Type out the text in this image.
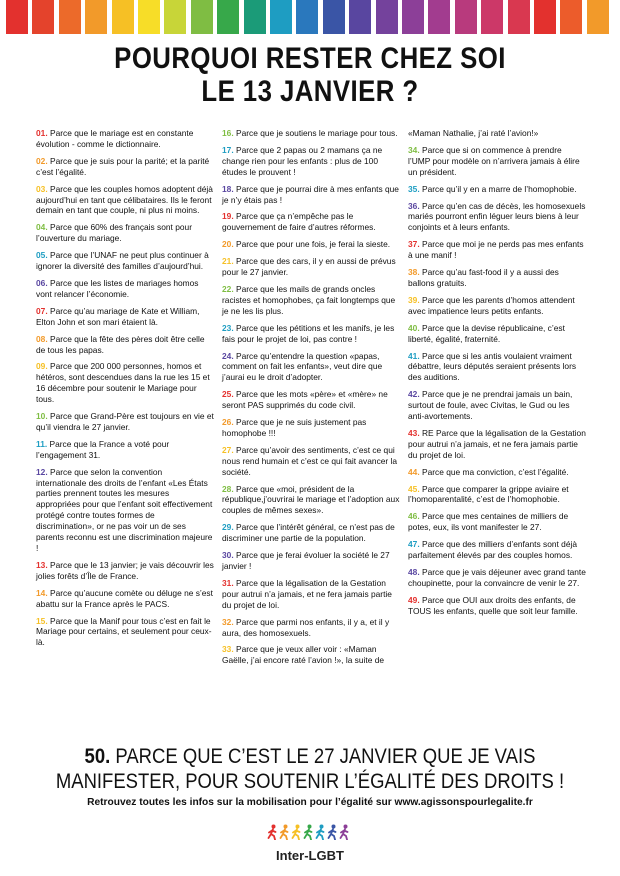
POURQUOI RESTER CHEZ SOI
LE 13 JANVIER ?
01. Parce que le mariage est en constante évolution - comme le dictionnaire.
02. Parce que je suis pour la parité; et la parité c’est l’égalité.
03. Parce que les couples homos adoptent déjà aujourd’hui en tant que célibataires. Ils le feront demain en tant que couple, ni plus ni moins.
04. Parce que 60% des français sont pour l’ouverture du mariage.
05. Parce que l’UNAF ne peut plus continuer à ignorer la diversité des familles d’aujourd’hui.
06. Parce que les listes de mariages homos vont relancer l’économie.
07. Parce qu’au mariage de Kate et William, Elton John et son mari étaient là.
08. Parce que la fête des pères doit être celle de tous les papas.
09. Parce que 200 000 personnes, homos et hétéros, sont descendues dans la rue les 15 et 16 décembre pour soutenir le Mariage pour tous.
10. Parce que Grand-Père est toujours en vie et qu’il viendra le 27 janvier.
11. Parce que la France a voté pour l’engagement 31.
12. Parce que selon la convention internationale des droits de l’enfant «Les États parties prennent toutes les mesures appropriées pour que l’enfant soit effectivement protégé contre toutes formes de discrimination», or ne pas voir un de ses parents reconnu est une discrimination majeure !
13. Parce que le 13 janvier; je vais découvrir les jolies forêts d’Île de France.
14. Parce qu’aucune comète ou déluge ne s’est abattu sur la France après le PACS.
15. Parce que la Manif pour tous c’est en fait le Mariage pour certains, et seulement pour ceux-là.
16. Parce que je soutiens le mariage pour tous.
17. Parce que 2 papas ou 2 mamans ça ne change rien pour les enfants : plus de 100 études le prouvent !
18. Parce que je pourrai dire à mes enfants que je n’y étais pas !
19. Parce que ça n’empêche pas le gouvernement de faire d’autres réformes.
20. Parce que pour une fois, je ferai la sieste.
21. Parce que des cars, il y en aussi de prévus pour le 27 janvier.
22. Parce que les mails de grands oncles racistes et homophobes, ça fait longtemps que je ne les lis plus.
23. Parce que les pétitions et les manifs, je les fais pour le projet de loi, pas contre !
24. Parce qu’entendre la question «papas, comment on fait les enfants», veut dire que j’aurai eu le droit d’adopter.
25. Parce que les mots «père» et «mère» ne seront PAS supprimés du code civil.
26. Parce que je ne suis justement pas homophobe !!!
27. Parce qu’avoir des sentiments, c’est ce qui nous rend humain et c’est ce qui fait avancer la société.
28. Parce que «moi, président de la république,j’ouvrirai le mariage et l’adoption aux couples de mêmes sexes».
29. Parce que l’intérêt général, ce n’est pas de discriminer une partie de la population.
30. Parce que je ferai évoluer la société le 27 janvier !
31. Parce que la légalisation de la Gestation pour autrui n’a jamais, et ne fera jamais partie du projet de loi.
32. Parce que parmi nos enfants, il y a, et il y aura, des homosexuels.
33. Parce que je veux aller voir : «Maman Gaëlle, j’ai encore raté l’avion !», la suite de
«Maman Nathalie, j’ai raté l’avion!»
34. Parce que si on commence à prendre l’UMP pour modèle on n’arrivera jamais à élire un président.
35. Parce qu’il y en a marre de l’homophobie.
36. Parce qu’en cas de décès, les homosexuels mariés pourront enfin léguer leurs biens à leur conjoints et à leurs enfants.
37. Parce que moi je ne perds pas mes enfants à une manif !
38. Parce qu’au fast-food il y a aussi des ballons gratuits.
39. Parce que les parents d’homos attendent avec impatience leurs petits enfants.
40. Parce que la devise républicaine, c’est liberté, égalité, fraternité.
41. Parce que si les antis voulaient vraiment débattre, leurs députés seraient présents lors des auditions.
42. Parce que je ne prendrai jamais un bain, surtout de foule, avec Civitas, le Gud ou les anti-avortements.
43. RE Parce que la légalisation de la Gestation pour autrui n’a jamais, et ne fera jamais partie du projet de loi.
44. Parce que ma conviction, c’est l’égalité.
45. Parce que comparer la grippe aviaire et l’homoparentalité, c’est de l’homophobie.
46. Parce que mes centaines de milliers de potes, eux, ils vont manifester le 27.
47. Parce que des milliers d’enfants sont déjà parfaitement élevés par des couples homos.
48. Parce que je vais déjeuner avec grand tante choupinette, pour la convaincre de venir le 27.
49. Parce que OUI aux droits des enfants, de TOUS les enfants, quelle que soit leur famille.
50. PARCE QUE C’EST LE 27 JANVIER QUE JE VAIS
MANIFESTER, POUR SOUTENIR L’ÉGALITÉ DES DROITS !
Retrouvez toutes les infos sur la mobilisation pour l’égalité sur www.agissonspourlegalite.fr
Inter-LGBT
